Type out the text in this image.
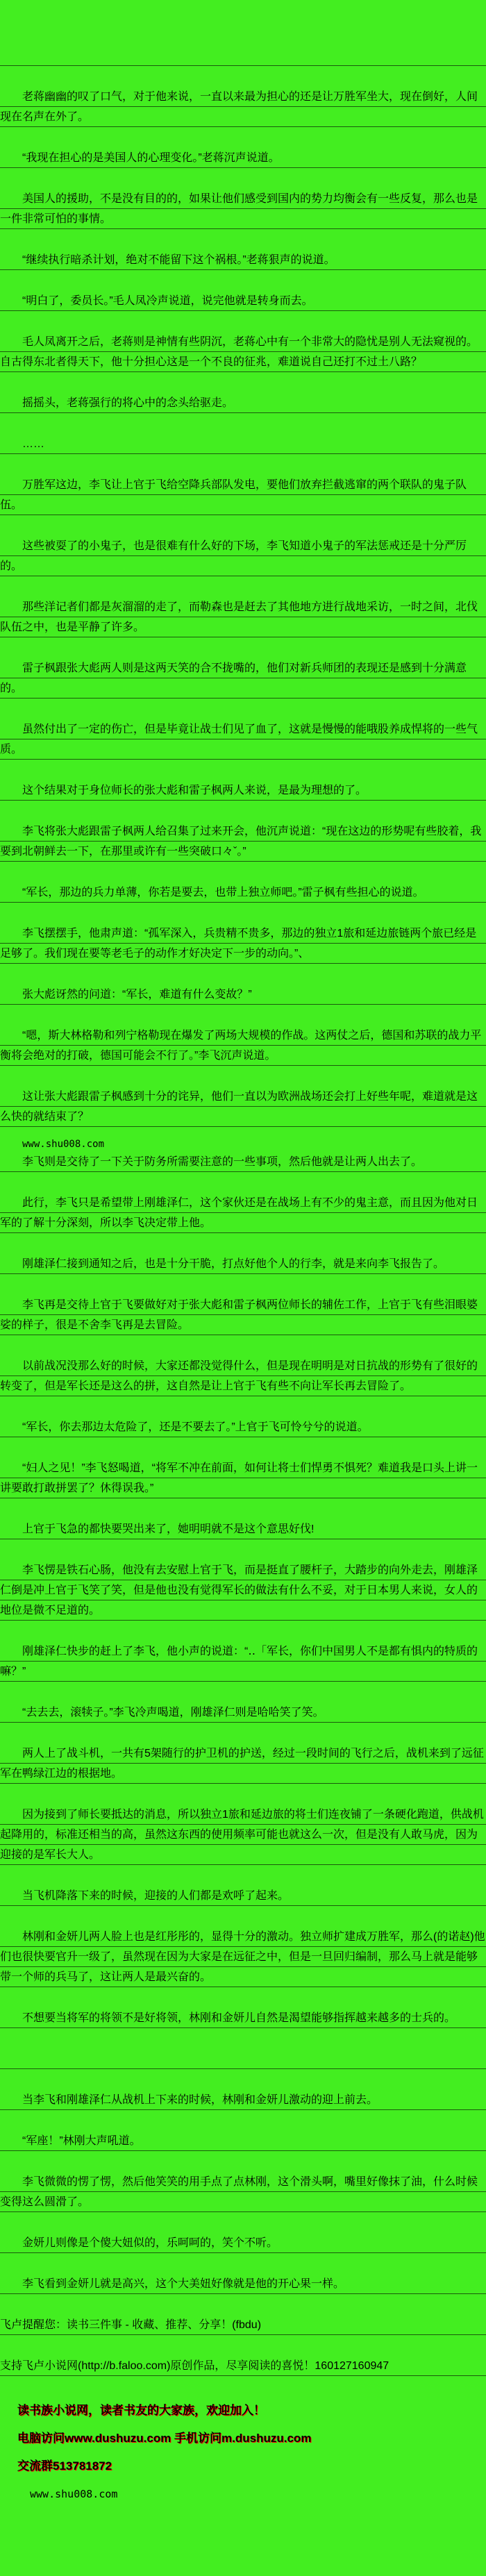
老蒋幽幽的叹了口气，对于他来说，一直以来最为担心的还是让万胜军坐大，现在倒好，人间现在名声在外了。

“我现在担心的是美国人的心理变化。”老蒋沉声说道。

美国人的援助，不是没有目的的，如果让他们感受到国内的势力均衡会有一些反复，那么也是一件非常可怕的事情。

“继续执行暗杀计划，绝对不能留下这个祸根。”老蒋狠声的说道。

“明白了，委员长。”毛人凤冷声说道，说完他就是转身而去。

毛人凤离开之后，老蒋则是神情有些阴沉，老蒋心中有一个非常大的隐忧是别人无法窥视的。自古得东北者得天下，他十分担心这是一个不良的征兆，难道说自己还打不过土八路？

摇摇头，老蒋强行的将心中的念头给驱走。

……

万胜军这边，李飞让上官于飞给空降兵部队发电，要他们放弃拦截逃窜的两个联队的鬼子队伍。

这些被耍了的小鬼子，也是很难有什么好的下场，李飞知道小鬼子的军法惩戒还是十分严厉的。

那些洋记者们都是灰溜溜的走了，而勒森也是赶去了其他地方进行战地采访，一时之间，北伐队伍之中，也是平静了许多。

雷子枫跟张大彪两人则是这两天笑的合不拢嘴的，他们对新兵师团的表现还是感到十分满意的。

虽然付出了一定的伤亡，但是毕竟让战士们见了血了，这就是慢慢的能哦股养成悍将的一些气质。

这个结果对于身位师长的张大彪和雷子枫两人来说，是最为理想的了。

李飞将张大彪跟雷子枫两人给召集了过来开会，他沉声说道：“现在这边的形势呢有些胶着，我要到北朝鲜去一下，在那里或许有一些突破口々ˇ。”

“军长，那边的兵力单薄，你若是要去，也带上独立师吧。”雷子枫有些担心的说道。

李飞摆摆手，他肃声道：“孤军深入，兵贵精不贵多，那边的独立1旅和延边旅链两个旅已经是足够了。我们现在要等老毛子的动作才好决定下一步的动向。”、

张大彪讶然的问道：“军长，难道有什么变故？”

“嗯，斯大林格勒和列宁格勒现在爆发了两场大规模的作战。这两仗之后，德国和苏联的战力平衡将会绝对的打破，德国可能会不行了。”李飞沉声说道。

这让张大彪跟雷子枫感到十分的诧异，他们一直以为欧洲战场还会打上好些年呢，难道就是这么快的就结束了？

www.shu008.com

李飞则是交待了一下关于防务所需要注意的一些事项，然后他就是让两人出去了。

此行，李飞只是希望带上刚雄泽仁，这个家伙还是在战场上有不少的鬼主意，而且因为他对日军的了解十分深刻，所以李飞决定带上他。

刚雄泽仁接到通知之后，也是十分干脆，打点好他个人的行李，就是来向李飞报告了。

李飞再是交待上官于飞要做好对于张大彪和雷子枫两位师长的辅佐工作，上官于飞有些泪眼婆娑的样子，很是不舍李飞再是去冒险。

以前战况没那么好的时候，大家还都没觉得什么，但是现在明明是对日抗战的形势有了很好的转变了，但是军长还是这么的拼，这自然是让上官于飞有些不向让军长再去冒险了。

“军长，你去那边太危险了，还是不要去了。”上官于飞可怜兮兮的说道。

“妇人之见！”李飞怒喝道，“将军不冲在前面，如何让将士们悍勇不惧死？难道我是口头上讲一讲要敢打敢拼罢了？休得误我。”

上官于飞急的都快要哭出来了，她明明就不是这个意思好伐!

李飞愣是铁石心肠，他没有去安慰上官于飞，而是挺直了腰杆子，大踏步的向外走去，刚雄泽仁倒是冲上官于飞笑了笑，但是他也没有觉得军长的做法有什么不妥，对于日本男人来说，女人的地位是微不足道的。

刚雄泽仁快步的赶上了李飞，他小声的说道：“‥「军长，你们中国男人不是都有惧内的特质的嘛？”

“去去去，滚犊子。”李飞冷声喝道，刚雄泽仁则是哈哈笑了笑。

两人上了战斗机，一共有5架随行的护卫机的护送，经过一段时间的飞行之后，战机来到了远征军在鸭绿江边的根据地。

因为接到了师长要抵达的消息，所以独立1旅和延边旅的将士们连夜铺了一条硬化跑道，供战机起降用的，标准还相当的高，虽然这东西的使用频率可能也就这么一次，但是没有人敢马虎，因为迎接的是军长大人。

当飞机降落下来的时候，迎接的人们都是欢呼了起来。

林刚和金妍儿两人脸上也是红彤彤的，显得十分的激动。独立师扩建成万胜军，那么(的诺赵)他们也很快要官升一级了，虽然现在因为大家是在远征之中，但是一旦回归编制，那么马上就是能够带一个师的兵马了，这让两人是最兴奋的。

不想要当将军的将领不是好将领，林刚和金妍儿自然是渴望能够指挥越来越多的士兵的。

当李飞和刚雄泽仁从战机上下来的时候，林刚和金妍儿激动的迎上前去。

“军座！”林刚大声吼道。

李飞微微的愣了愣，然后他笑笑的用手点了点林刚，这个滑头啊，嘴里好像抹了油，什么时候变得这么圆滑了。

金妍儿则像是个傻大妞似的，乐呵呵的，笑个不听。

李飞看到金妍儿就是高兴，这个大美妞好像就是他的开心果一样。

飞卢提醒您：读书三件事 - 收藏、推荐、分享！(fbdu)

支持飞卢小说网(http://b.faloo.com)原创作品，尽享阅读的喜悦！160127160947

读书族小说网，读者书友的大家族，欢迎加入！

电脑访问www.dushuzu.com 手机访问m.dushuzu.com

交流群513781872

www.shu008.com
